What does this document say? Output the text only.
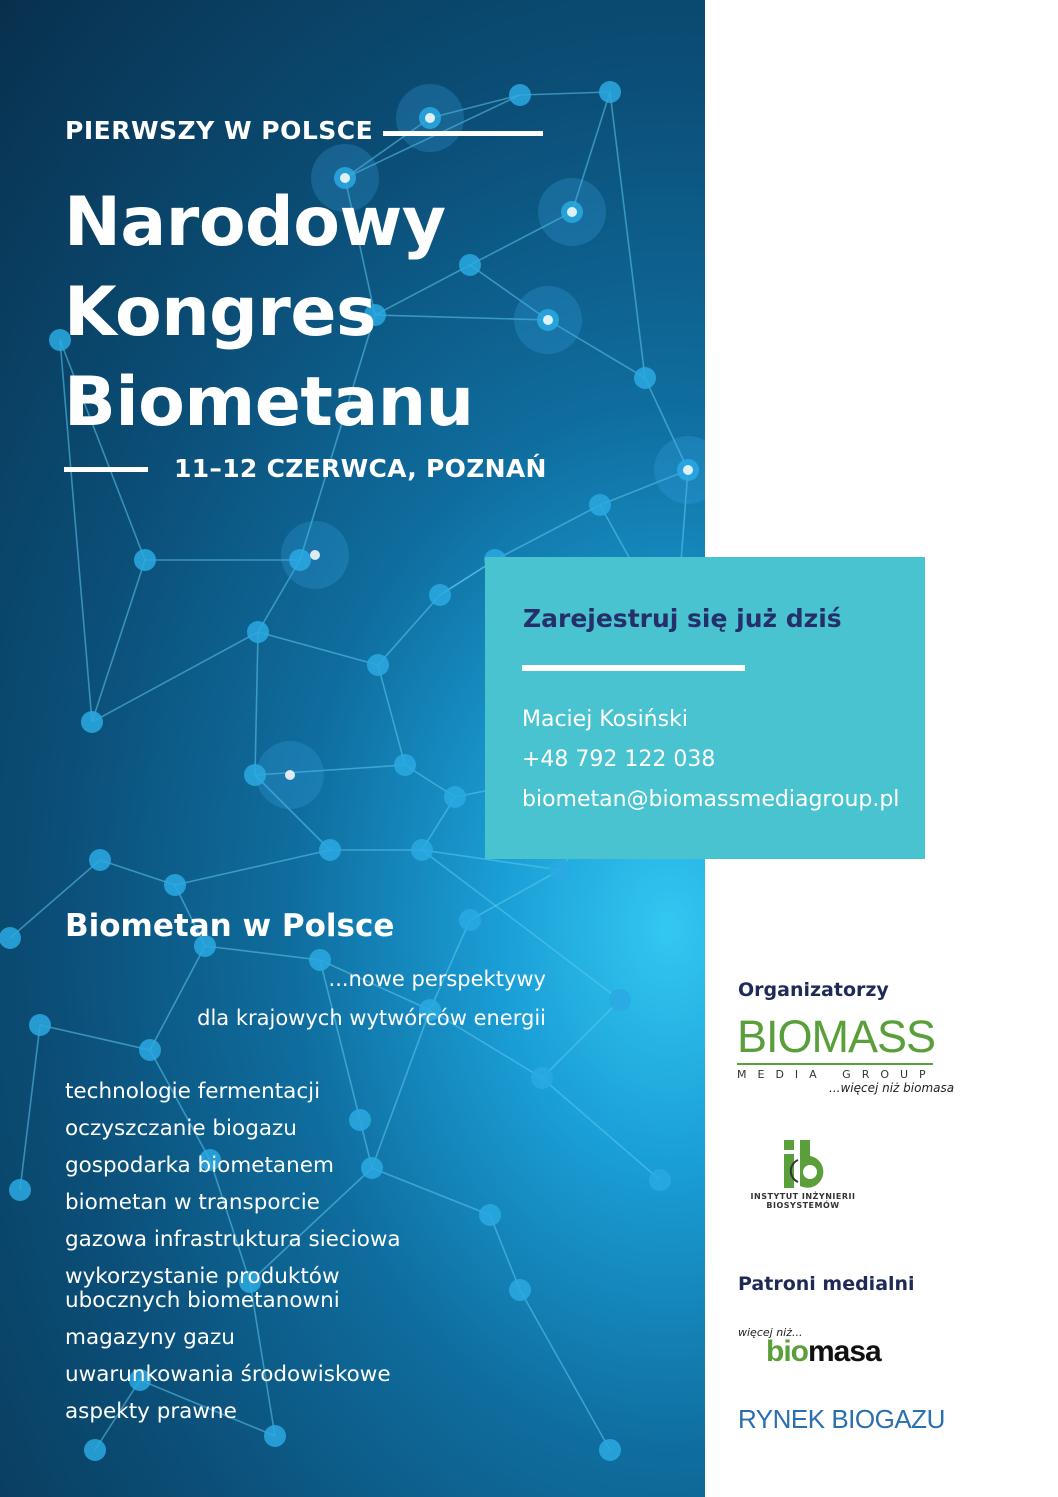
PIERWSZY W POLSCE
Narodowy
Kongres
Biometanu
11–12 CZERWCA, POZNAŃ
Zarejestruj się już dziś
Maciej Kosiński
+48 792 122 038
biometan@biomassmediagroup.pl
Biometan w Polsce
...nowe perspektywy
dla krajowych wytwórców energii
technologie fermentacji
oczyszczanie biogazu
gospodarka biometanem
biometan w transporcie
gazowa infrastruktura sieciowa
wykorzystanie produktów
ubocznych biometanowni
magazyny gazu
uwarunkowania środowiskowe
aspekty prawne
Organizatorzy
BIOMASS
MEDIA GROUP
...więcej niż biomasa
INSTYTUT INŻYNIERII
BIOSYSTEMÓW
Patroni medialni
więcej niż...
biomasa
RYNEK BIOGAZU
